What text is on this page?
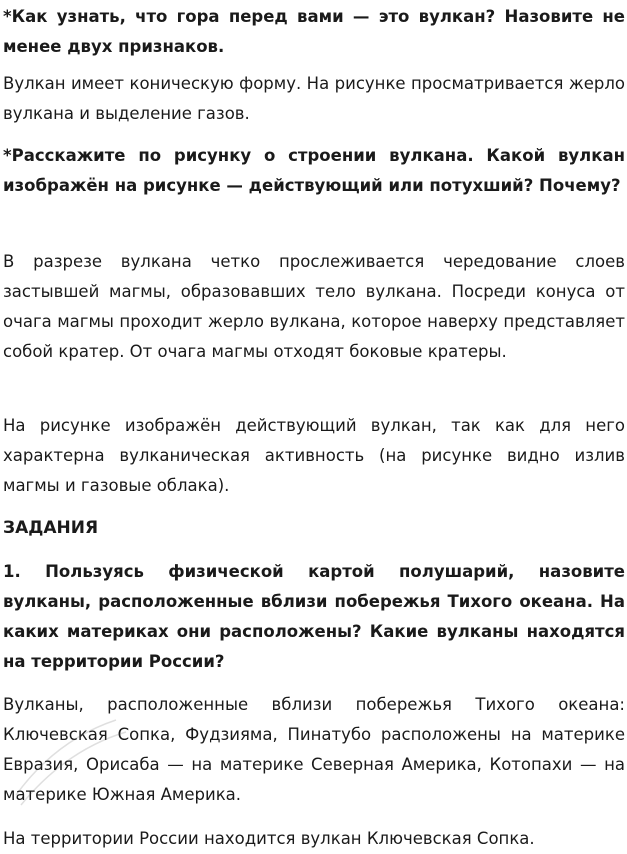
*Как узнать, что гора перед вами — это вулкан? Назовите не менее двух признаков.

Вулкан имеет коническую форму. На рисунке просматривается жерло вулкана и выделение газов.

*Расскажите по рисунку о строении вулкана. Какой вулкан изображён на рисунке — действующий или потухший? Почему?

В разрезе вулкана четко прослеживается чередование слоев застывшей магмы, образовавших тело вулкана. Посреди конуса от очага магмы проходит жерло вулкана, которое наверху представляет собой кратер. От очага магмы отходят боковые кратеры.

На рисунке изображён действующий вулкан, так как для него характерна вулканическая активность (на рисунке видно излив магмы и газовые облака).

ЗАДАНИЯ

1. Пользуясь физической картой полушарий, назовите вулканы, расположенные вблизи побережья Тихого океана. На каких материках они расположены? Какие вулканы находятся на территории России?

Вулканы, расположенные вблизи побережья Тихого океана: Ключевская Сопка, Фудзияма, Пинатубо расположены на материке Евразия, Орисаба — на материке Северная Америка, Котопахи — на материке Южная Америка.

На территории России находится вулкан Ключевская Сопка.
